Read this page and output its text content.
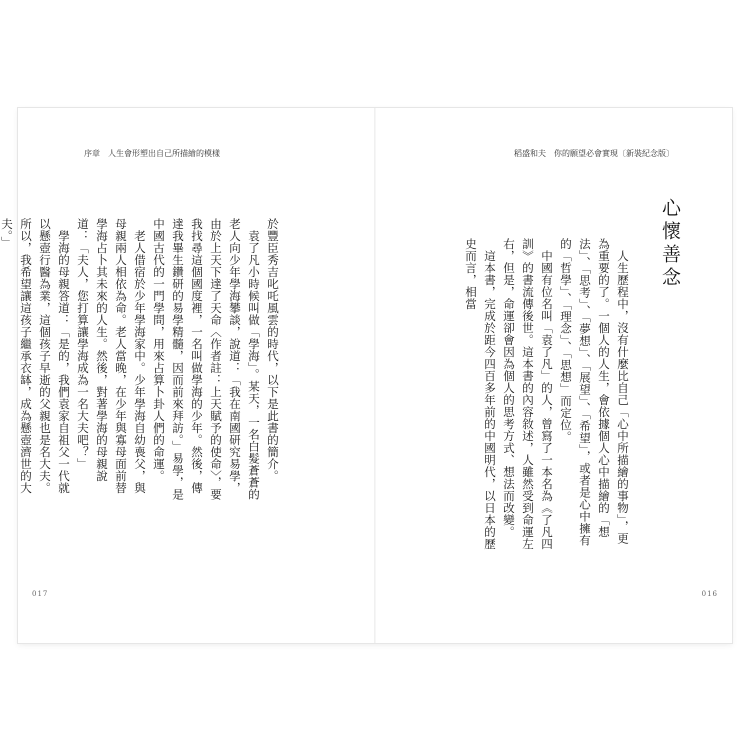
序章　人生會形塑出自己所描繪的模樣	稻盛和夫　你的願望必會實現〔新裝紀念版〕
心懷善念

人生歷程中，沒有什麼比自己「心中所描繪的事物」，更為重要的了。一個人的人生，會依據個人心中描繪的「想法」、「思考」、「夢想」、「展望」、「希望」，或者是心中擁有的「哲學」、「理念」、「思想」而定位。

中國有位名叫「袁了凡」的人，曾寫了一本名為《了凡四訓》的書流傳後世。這本書的內容敘述，人雖然受到命運左右，但是，命運卻會因為個人的思考方式、想法而改變。

這本書，完成於距今四百多年前的中國明代，以日本的歷史而言，相當

於豐臣秀吉叱吒風雲的時代，以下是此書的簡介。

袁了凡小時候叫做「學海」。某天，一名白髮蒼蒼的老人向少年學海攀談，說道：「我在南國研究易學，由於上天下達了天命〈作者註：上天賦予的使命〉，要我找尋這個國度裡，一名叫做學海的少年。然後，傳達我畢生鑽研的易學精髓，因而前來拜訪。」易學，是中國古代的一門學問，用來占算卜卦人們的命運。

老人借宿於少年學海家中。少年學海自幼喪父，與母親兩人相依為命。老人當晚，在少年與寡母面前替學海占卜其未來的人生。然後，對著學海的母親說道：「夫人，您打算讓學海成為一名大夫吧？」

學海的母親答道：「是的，我們袁家自祖父一代就以懸壺行醫為業，這個孩子早逝的父親也是名大夫。所以，我希望讓這孩子繼承衣缽，成為懸壺濟世的大夫。」

017	016
